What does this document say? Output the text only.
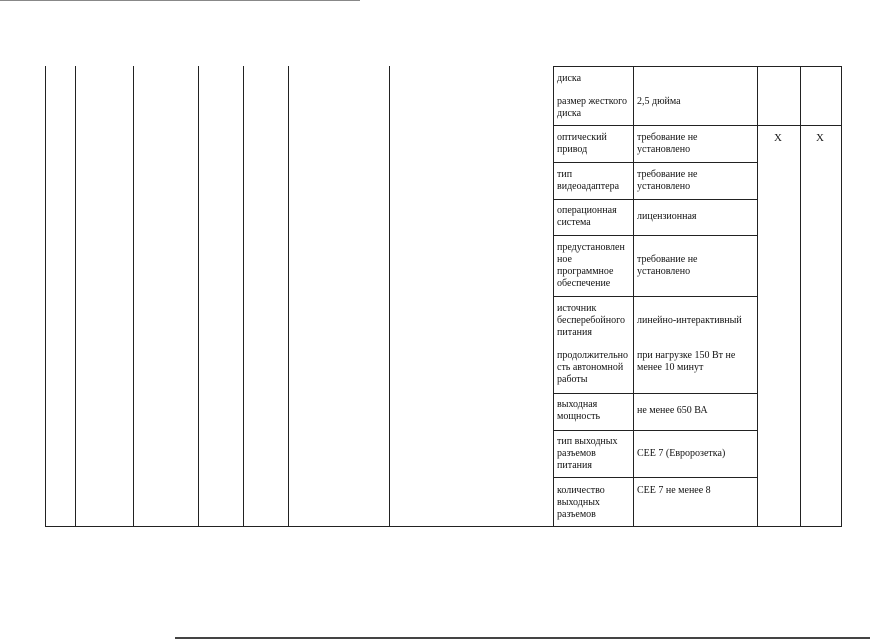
диска
размер жесткого
диска
оптический
привод
тип
видеоадаптера
операционная
система
предустановлен
ное
программное
обеспечение
источник
бесперебойного
питания
продолжительно
сть автономной
работы
выходная
мощность
тип выходных
разъемов
питания
количество
выходных
разъемов
2,5 дюйма
требование не
установлено
требование не
установлено
лицензионная
требование не
установлено
линейно-интерактивный
при нагрузке 150 Вт не
менее 10 минут
не менее 650 ВА
CEE 7 (Евророзетка)
CEE 7 не менее 8
X	X
